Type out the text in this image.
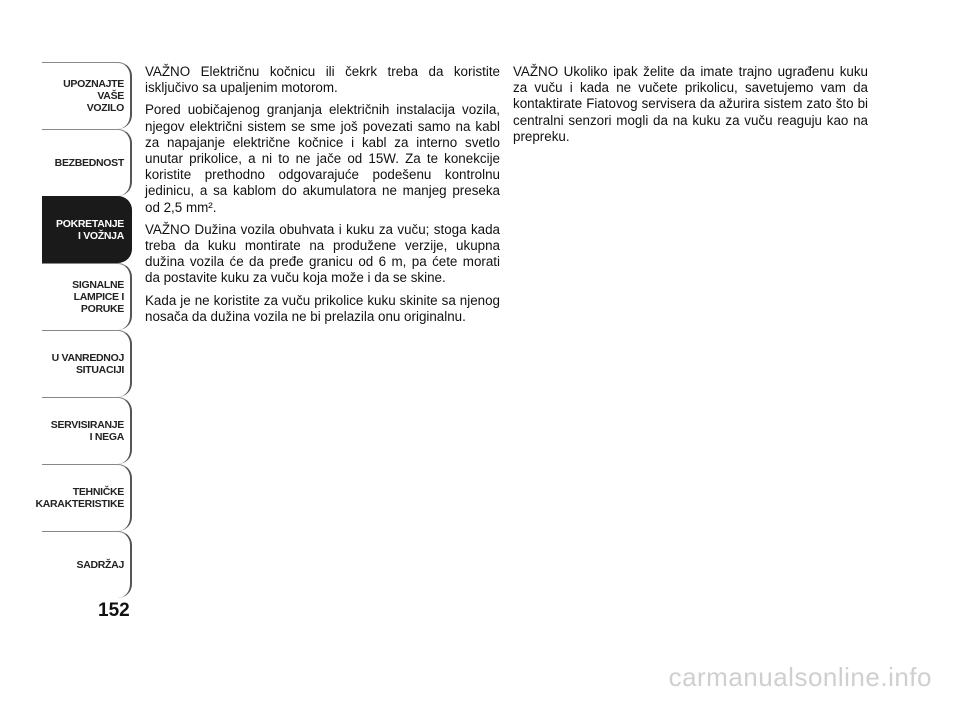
UPOZNAJTE
VAŠE
VOZILO
BEZBEDNOST
POKRETANJE
I VOŽNJA
SIGNALNE
LAMPICE I PORUKE
U VANREDNOJ
SITUACIJI
SERVISIRANJE
I NEGA
TEHNIČKE
KARAKTERISTIKE
SADRŽAJ
152

VAŽNO Električnu kočnicu ili čekrk treba da koristite isključivo sa upaljenim motorom.

Pored uobičajenog granjanja električnih instalacija vozila, njegov električni sistem se sme još povezati samo na kabl za napajanje električne kočnice i kabl za interno svetlo unutar prikolice, a ni to ne jače od 15W. Za te konekcije koristite prethodno odgovarajuće podešenu kontrolnu jedinicu, a sa kablom do akumulatora ne manjeg preseka od 2,5 mm².

VAŽNO Dužina vozila obuhvata i kuku za vuču; stoga kada treba da kuku montirate na produžene verzije, ukupna dužina vozila će da pređe granicu od 6 m, pa ćete morati da postavite kuku za vuču koja može i da se skine.

Kada je ne koristite za vuču prikolice kuku skinite sa njenog nosača da dužina vozila ne bi prelazila onu originalnu.

VAŽNO Ukoliko ipak želite da imate trajno ugrađenu kuku za vuču i kada ne vučete prikolicu, savetujemo vam da kontaktirate Fiatovog servisera da ažurira sistem zato što bi centralni senzori mogli da na kuku za vuču reaguju kao na prepreku.

carmanualsonline.info
